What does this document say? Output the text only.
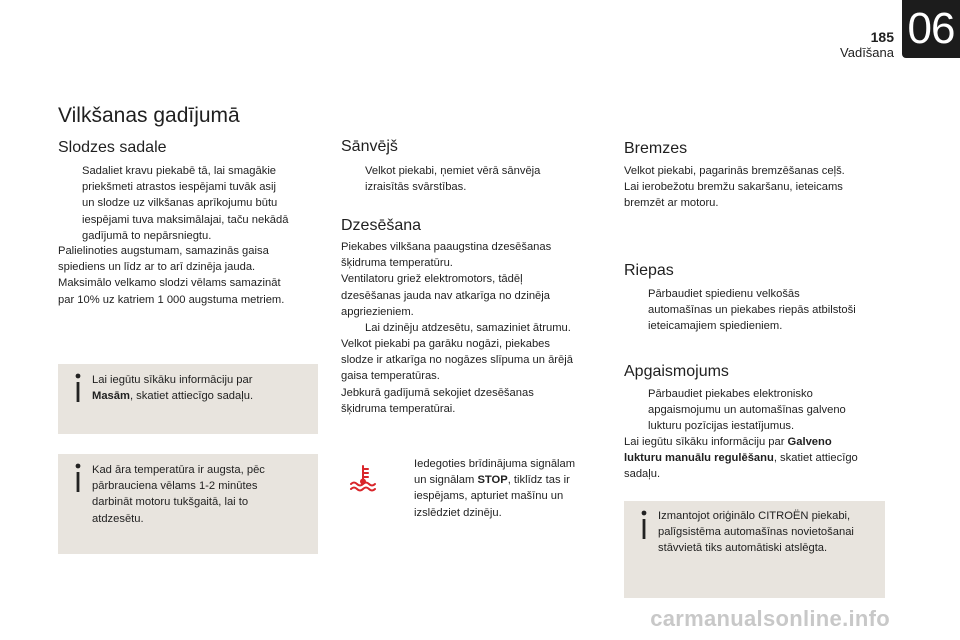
185
Vadīšana 06
Vilkšanas gadījumā
Slodzes sadale
Sadaliet kravu piekabē tā, lai smagākie
priekšmeti atrastos iespējami tuvāk asij
un slodze uz vilkšanas aprīkojumu būtu
iespējami tuva maksimālajai, taču nekādā
gadījumā to nepārsniegtu.
Palielinoties augstumam, samazinās gaisa
spiediens un līdz ar to arī dzinēja jauda.
Maksimālo velkamo slodzi vēlams samazināt
par 10% uz katriem 1 000 augstuma metriem.
Lai iegūtu sīkāku informāciju par
Masām, skatiet attiecīgo sadaļu.
Kad āra temperatūra ir augsta, pēc
pārbrauciena vēlams 1-2 minūtes
darbināt motoru tukšgaitā, lai to
atdzesētu.
Sānvējš
Velkot piekabi, ņemiet vērā sānvēja
izraisītās svārstības.
Dzesēšana
Piekabes vilkšana paaugstina dzesēšanas
šķidruma temperatūru.
Ventilatoru griež elektromotors, tādēļ
dzesēšanas jauda nav atkarīga no dzinēja
apgriezieniem.
Lai dzinēju atdzesētu, samaziniet ātrumu.
Velkot piekabi pa garāku nogāzi, piekabes
slodze ir atkarīga no nogāzes slīpuma un ārējā
gaisa temperatūras.
Jebkurā gadījumā sekojiet dzesēšanas
šķidruma temperatūrai.
Iedegoties brīdinājuma signālam
un signālam STOP, tiklīdz tas ir
iespējams, apturiet mašīnu un
izslēdziet dzinēju.
Bremzes
Velkot piekabi, pagarinās bremzēšanas ceļš.
Lai ierobežotu bremžu sakaršanu, ieteicams
bremzēt ar motoru.
Riepas
Pārbaudiet spiedienu velkošās
automašīnas un piekabes riepās atbilstoši
ieteicamajiem spiedieniem.
Apgaismojums
Pārbaudiet piekabes elektronisko
apgaismojumu un automašīnas galveno
lukturu pozīcijas iestatījumus.
Lai iegūtu sīkāku informāciju par Galveno
lukturu manuālu regulēšanu, skatiet attiecīgo
sadaļu.
Izmantojot oriģinālo CITROËN piekabi,
palīgsistēma automašīnas novietošanai
stāvvietā tiks automātiski atslēgta.
carmanualsonline.info
